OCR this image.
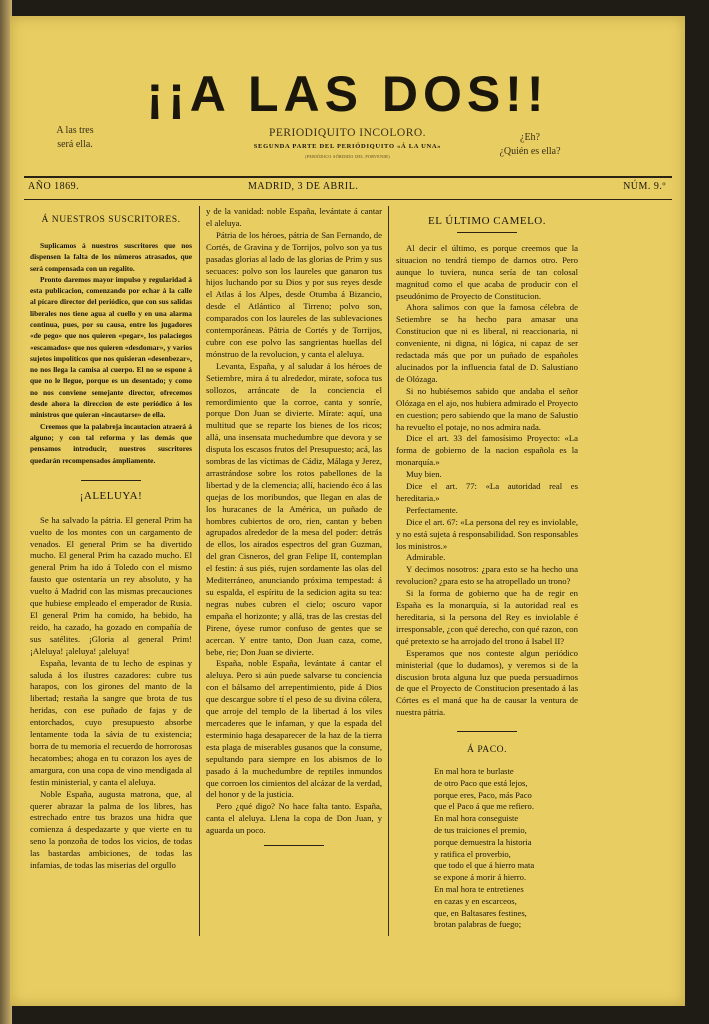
¡¡A LAS DOS!!
A las tres
será ella.
¿Eh?
¿Quién es ella?
PERIODIQUITO INCOLORO.
SEGUNDA PARTE DEL PERIÓDIQUITO «Á LA UNA»
(PERIÓDICO SÓRDIDO DEL PORVENIR)
AÑO 1869.	MADRID, 3 DE ABRIL.	NÚM. 9.º
Á NUESTROS SUSCRITORES.

Suplicamos á nuestros suscritores que nos dispensen la falta de los números atrasados, que será compensada con un regalito.

Pronto daremos mayor impulso y regularidad á esta publicacion, comenzando por echar á la calle al pícaro director del periódico, que con sus salidas liberales nos tiene agua al cuello y en una alarma continua, pues, por su causa, entre los jugadores «de pego» que nos quieren «pegar», los palaciegos «escamados» que nos quieren «desdomar», y varios sujetos impolíticos que nos quisieran «desenbezar», no nos llega la camisa al cuerpo. El no se espone á que no le llegue, porque es un desentado; y como no nos conviene semejante director, ofrecemos desde ahora la direccion de este periódico á los ministros que quieran «incautarse» de ella.

Creemos que la palabreja incautacion atraerá á alguno; y con tal reforma y las demás que pensamos introducir, nuestros suscritores quedarán recompensados ámpliamente.

¡ALELUYA!

Se ha salvado la pátria. El general Prim ha vuelto de los montes con un cargamento de venados. El general Prim se ha divertido mucho. El general Prim ha cazado mucho. El general Prim ha ido á Toledo con el mismo fausto que ostentaría un rey absoluto, y ha vuelto á Madrid con las mismas precauciones que hubiese empleado el emperador de Rusia. El general Prim ha comido, ha bebido, ha reido, ha cazado, ha gozado en compañía de sus satélites. ¡Gloria al general Prim! ¡Aleluya! ¡aleluya! ¡aleluya!

España, levanta de tu lecho de espinas y saluda á los ilustres cazadores: cubre tus harapos, con los girones del manto de la libertad; restaña la sangre que brota de tus heridas, con ese puñado de fajas y de entorchados, cuyo presupuesto absorbe lentamente toda la sávia de tu existencia; borra de tu memoria el recuerdo de horrorosas hecatombes; ahoga en tu corazon los ayes de amargura, con una copa de vino mendigada al festin ministerial, y canta el aleluya.

Noble España, augusta matrona, que, al querer abrazar la palma de los libres, has estrechado entre tus brazos una hidra que comienza á despedazarte y que vierte en tu seno la ponzoña de todos los vicios, de todas las bastardas ambiciones, de todas las infamias, de todas las miserias del orgullo

y de la vanidad: noble España, levántate á cantar el aleluya.

Pátria de los héroes, pátria de San Fernando, de Cortés, de Gravina y de Torrijos, polvo son ya tus pasadas glorias al lado de las glorias de Prim y sus secuaces: polvo son los laureles que ganaron tus hijos luchando por su Dios y por sus reyes desde el Atlas á los Alpes, desde Otumba á Bizancio, desde el Atlántico al Tirreno; polvo son, comparados con los laureles de las sublevaciones contemporáneas. Pátria de Cortés y de Torrijos, cubre con ese polvo las sangrientas huellas del mónstruo de la revolucion, y canta el aleluya.

Levanta, España, y al saludar á los héroes de Setiembre, mira á tu alrededor, mirate, sofoca tus sollozos, arráncate de la conciencia el remordimiento que la corroe, canta y sonríe, porque Don Juan se divierte. Mírate: aquí, una multitud que se reparte los bienes de los ricos; allá, una insensata muchedumbre que devora y se disputa los escasos frutos del Presupuesto; acá, las sombras de las víctimas de Cádiz, Málaga y Jerez, arrastrándose sobre los rotos pabellones de la libertad y de la clemencia; allí, haciendo éco á las quejas de los moribundos, que llegan en alas de los huracanes de la América, un puñado de hombres cubiertos de oro, rien, cantan y beben agrupados alrededor de la mesa del poder: detrás de ellos, los airados espectros del gran Guzman, del gran Cisneros, del gran Felipe II, contemplan el festin: á sus piés, rujen sordamente las olas del Mediterráneo, anunciando próxima tempestad: á su espalda, el espíritu de la sedicion agita su tea: negras nubes cubren el cielo; oscuro vapor empaña el horizonte; y allá, tras de las crestas del Pirene, óyese rumor confuso de gentes que se acercan. Y entre tanto, Don Juan caza, come, bebe, rie; Don Juan se divierte.

España, noble España, levántate á cantar el aleluya. Pero si aún puede salvarse tu conciencia con el bálsamo del arrepentimiento, pide á Dios que descargue sobre tí el peso de su divina cólera, que arroje del templo de la libertad á los viles mercaderes que le infaman, y que la espada del esterminio haga desaparecer de la haz de la tierra esta plaga de miserables gusanos que la consume, sepultando para siempre en los abismos de lo pasado á la muchedumbre de reptiles inmundos que corroen los cimientos del alcázar de la verdad, del honor y de la justicia.

Pero ¿qué digo? No hace falta tanto. España, canta el aleluya. Llena la copa de Don Juan, y aguarda un poco.

EL ÚLTIMO CAMELO.

Al decir el último, es porque creemos que la situacion no tendrá tiempo de darnos otro. Pero aunque lo tuviera, nunca sería de tan colosal magnitud como el que acaba de producir con el pseudónimo de Proyecto de Constitucion.

Ahora salimos con que la famosa célebra de Setiembre se ha hecho para amasar una Constitucion que ni es liberal, ni reaccionaria, ni conveniente, ni digna, ni lógica, ni capaz de ser redactada más que por un puñado de españoles alucinados por la influencia fatal de D. Salustiano de Olózaga.

Si no hubiésemos sabido que andaba el señor Olózaga en el ajo, nos hubiera admirado el Proyecto en cuestion; pero sabiendo que la mano de Salustio ha revuelto el potaje, no nos admira nada.

Dice el art. 33 del famosísimo Proyecto: «La forma de gobierno de la nacion española es la monarquía.»

Muy bien.

Dice el art. 77: «La autoridad real es hereditaria.»

Perfectamente.

Dice el art. 67: «La persona del rey es inviolable, y no está sujeta á responsabilidad. Son responsables los ministros.»

Admirable.

Y decimos nosotros: ¿para esto se ha hecho una revolucion? ¿para esto se ha atropellado un trono?

Si la forma de gobierno que ha de regir en España es la monarquía, si la autoridad real es hereditaria, si la persona del Rey es inviolable é irresponsable, ¿con qué derecho, con qué razon, con qué pretexto se ha arrojado del trono á Isabel II?

Esperamos que nos conteste algun periódico ministerial (que lo dudamos), y veremos si de la discusion brota alguna luz que pueda persuadirnos de que el Proyecto de Constitucion presentado á las Córtes es el maná que ha de causar la ventura de nuestra pátria.

Á PACO.
En mal hora te burlaste
de otro Paco que está lejos,
porque eres, Paco, más Paco
que el Paco á que me refiero.
En mal hora conseguiste
de tus traiciones el premio,
porque demuestra la historia
y ratifica el proverbio,
que todo el que á hierro mata
se expone á morir á hierro.
En mal hora te entretienes
en cazas y en escarceos,
que, en Baltasares festines,
brotan palabras de fuego;
